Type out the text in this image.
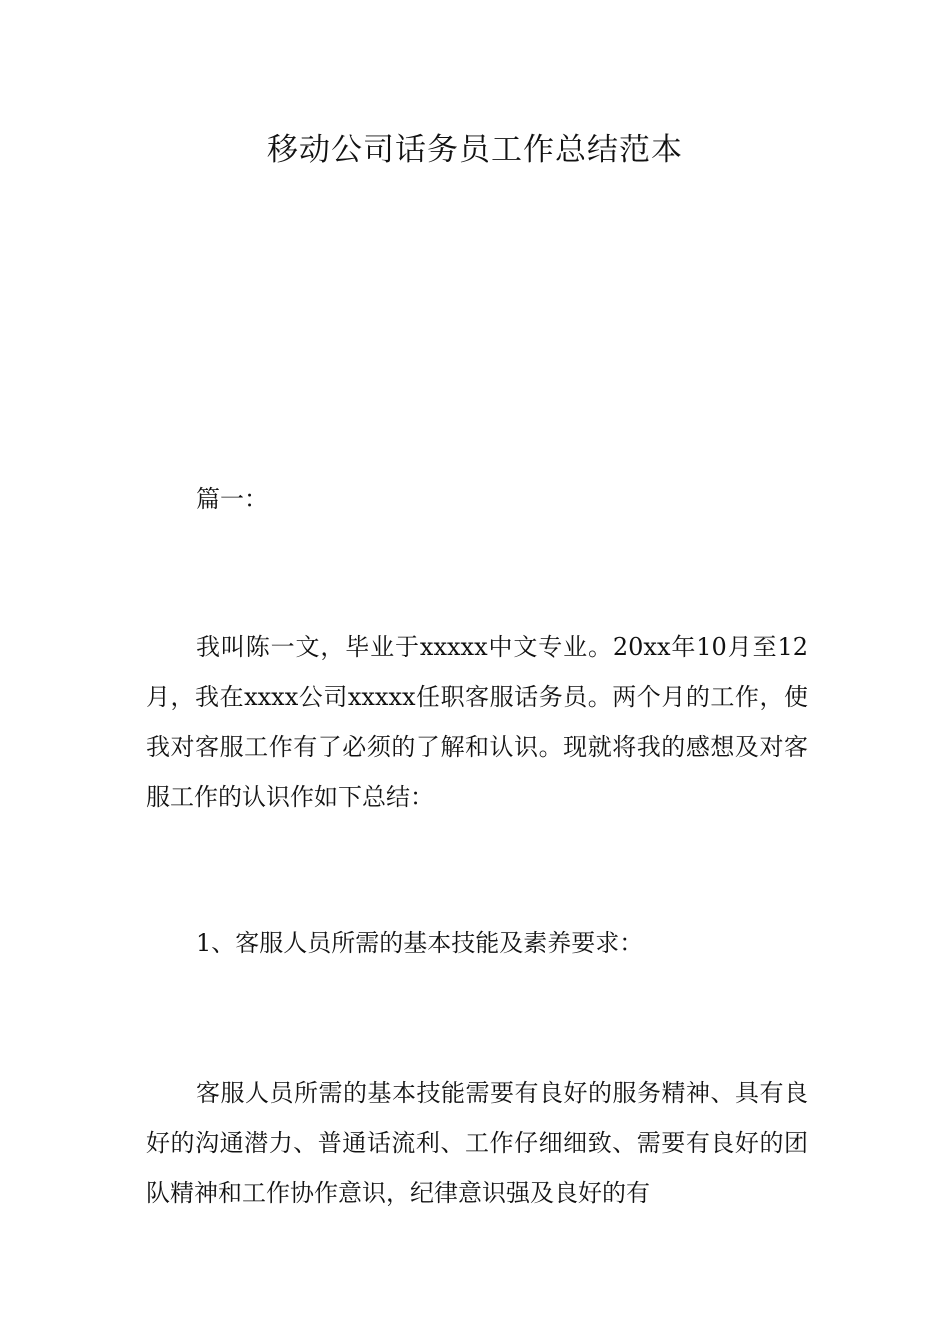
移动公司话务员工作总结范本

篇一：

我叫陈一文，毕业于xxxxx中文专业。20xx年10月至12月，我在xxxx公司xxxxx任职客服话务员。两个月的工作，使我对客服工作有了必须的了解和认识。现就将我的感想及对客服工作的认识作如下总结：

1、客服人员所需的基本技能及素养要求：

客服人员所需的基本技能需要有良好的服务精神、具有良好的沟通潜力、普通话流利、工作仔细细致、需要有良好的团队精神和工作协作意识，纪律意识强及良好的有
